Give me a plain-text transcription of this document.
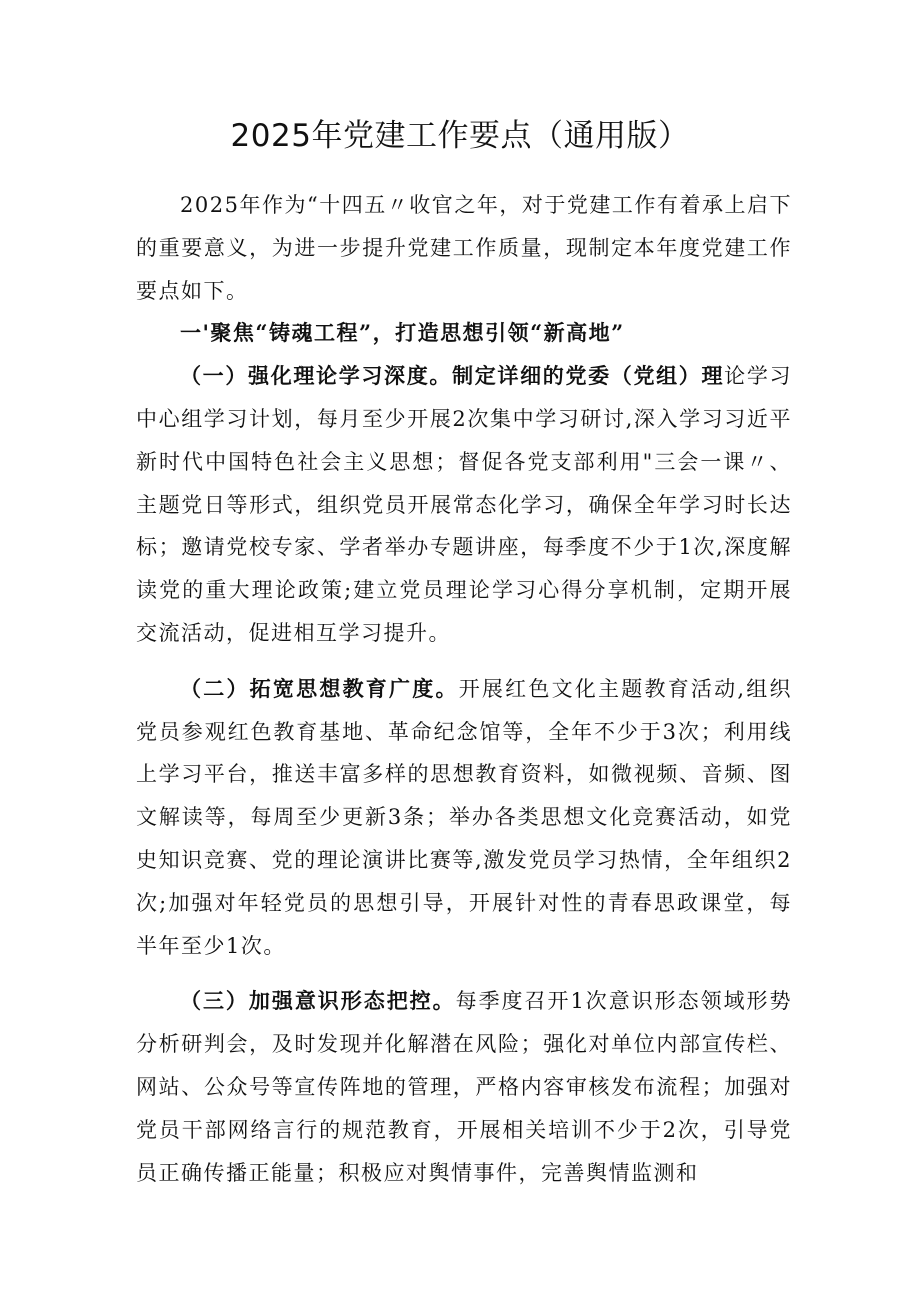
2025年党建工作要点（通用版）

2025年作为“十四五〃收官之年，对于党建工作有着承上启下的重要意义，为进一步提升党建工作质量，现制定本年度党建工作要点如下。

一'聚焦“铸魂工程”，打造思想引领“新高地”

（一）强化理论学习深度。制定详细的党委（党组）理论学习中心组学习计划，每月至少开展2次集中学习研讨,深入学习习近平新时代中国特色社会主义思想；督促各党支部利用"三会一课〃、主题党日等形式，组织党员开展常态化学习，确保全年学习时长达标；邀请党校专家、学者举办专题讲座，每季度不少于1次,深度解读党的重大理论政策;建立党员理论学习心得分享机制，定期开展交流活动，促进相互学习提升。

（二）拓宽思想教育广度。开展红色文化主题教育活动,组织党员参观红色教育基地、革命纪念馆等，全年不少于3次；利用线上学习平台，推送丰富多样的思想教育资料，如微视频、音频、图文解读等，每周至少更新3条；举办各类思想文化竞赛活动，如党史知识竞赛、党的理论演讲比赛等,激发党员学习热情，全年组织2次;加强对年轻党员的思想引导，开展针对性的青春思政课堂，每半年至少1次。

（三）加强意识形态把控。每季度召开1次意识形态领域形势分析研判会，及时发现并化解潜在风险；强化对单位内部宣传栏、网站、公众号等宣传阵地的管理，严格内容审核发布流程；加强对党员干部网络言行的规范教育，开展相关培训不少于2次，引导党员正确传播正能量；积极应对舆情事件，完善舆情监测和
